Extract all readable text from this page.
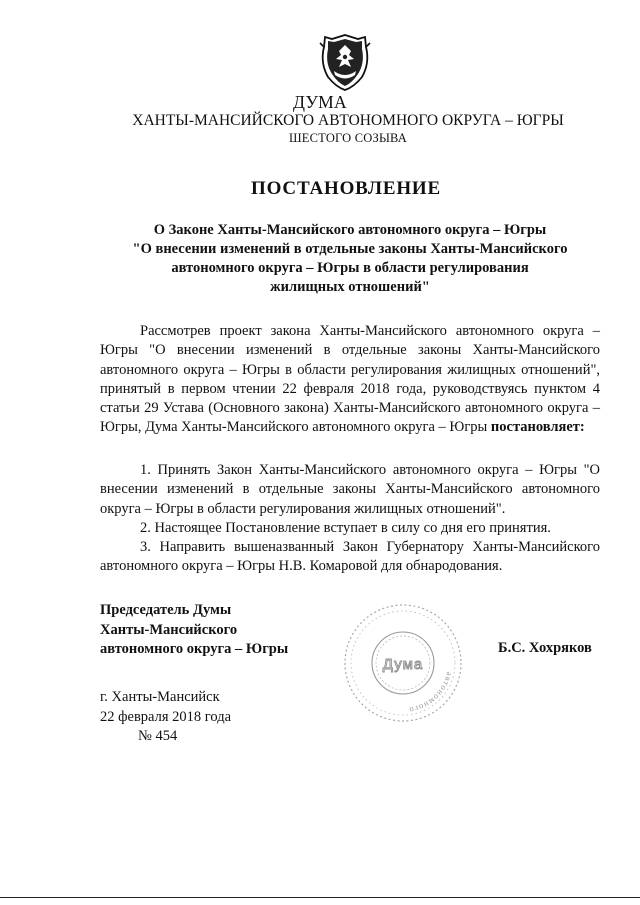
ДУМА
ХАНТЫ-МАНСИЙСКОГО АВТОНОМНОГО ОКРУГА – ЮГРЫ
ШЕСТОГО СОЗЫВА
ПОСТАНОВЛЕНИЕ
О Законе Ханты-Мансийского автономного округа – Югры
"О внесении изменений в отдельные законы Ханты-Мансийского
автономного округа – Югры в области регулирования
жилищных отношений"

Рассмотрев проект закона Ханты-Мансийского автономного округа – Югры "О внесении изменений в отдельные законы Ханты-Мансийского автономного округа – Югры в области регулирования жилищных отношений", принятый в первом чтении 22 февраля 2018 года, руководствуясь пунктом 4 статьи 29 Устава (Основного закона) Ханты-Мансийского автономного округа – Югры, Дума Ханты-Мансийского автономного округа – Югры постановляет:

1. Принять Закон Ханты-Мансийского автономного округа – Югры "О внесении изменений в отдельные законы Ханты-Мансийского автономного округа – Югры в области регулирования жилищных отношений".

2. Настоящее Постановление вступает в силу со дня его принятия.

3. Направить вышеназванный Закон Губернатору Ханты-Мансийского автономного округа – Югры Н.В. Комаровой для обнародования.

Председатель Думы
Ханты-Мансийского
автономного округа – Югры
автономного
Дума
Б.С. Хохряков
г. Ханты-Мансийск
22 февраля 2018 года
№ 454
